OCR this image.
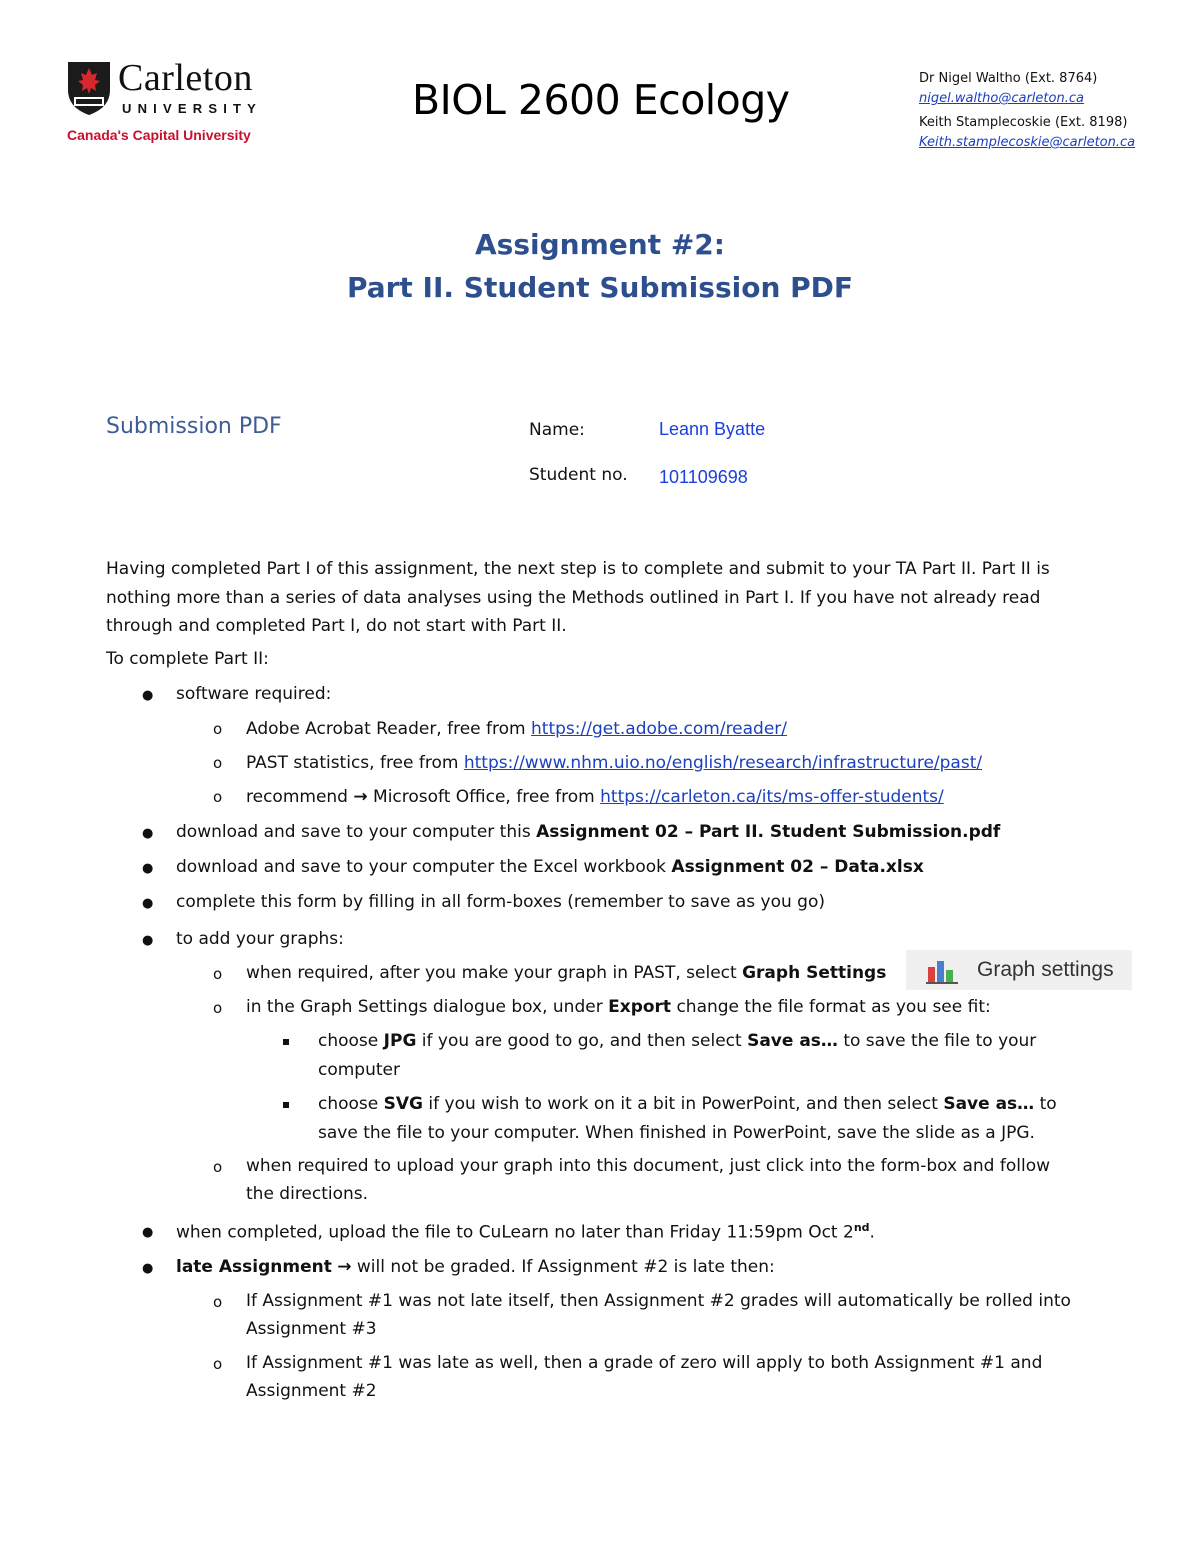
Carleton
UNIVERSITY
Canada's Capital University
BIOL 2600 Ecology	Dr Nigel Waltho (Ext. 8764)
nigel.waltho@carleton.ca
Keith Stamplecoskie (Ext. 8198)
Keith.stamplecoskie@carleton.ca
Assignment #2:
Part II. Student Submission PDF
Submission PDF	Name:	Leann Byatte
Student no. 101109698
Having completed Part I of this assignment, the next step is to complete and submit to your TA Part II. Part II is nothing more than a series of data analyses using the Methods outlined in Part I. If you have not already read through and completed Part I, do not start with Part II.
To complete Part II:
● software required:
o Adobe Acrobat Reader, free from https://get.adobe.com/reader/
o PAST statistics, free from https://www.nhm.uio.no/english/research/infrastructure/past/
o recommend → Microsoft Office, free from https://carleton.ca/its/ms-offer-students/
● download and save to your computer this Assignment 02 – Part II. Student Submission.pdf
● download and save to your computer the Excel workbook Assignment 02 – Data.xlsx
● complete this form by filling in all form-boxes (remember to save as you go)
● to add your graphs:
o when required, after you make your graph in PAST, select Graph Settings	Graph settings
o in the Graph Settings dialogue box, under Export change the file format as you see fit:
choose JPG if you are good to go, and then select Save as… to save the file to your
computer
choose SVG if you wish to work on it a bit in PowerPoint, and then select Save as… to
save the file to your computer. When finished in PowerPoint, save the slide as a JPG.
o when required to upload your graph into this document, just click into the form-box and follow
the directions.
● when completed, upload the file to CuLearn no later than Friday 11:59pm Oct 2nd.
● late Assignment → will not be graded. If Assignment #2 is late then:
o If Assignment #1 was not late itself, then Assignment #2 grades will automatically be rolled into
Assignment #3
o If Assignment #1 was late as well, then a grade of zero will apply to both Assignment #1 and
Assignment #2
